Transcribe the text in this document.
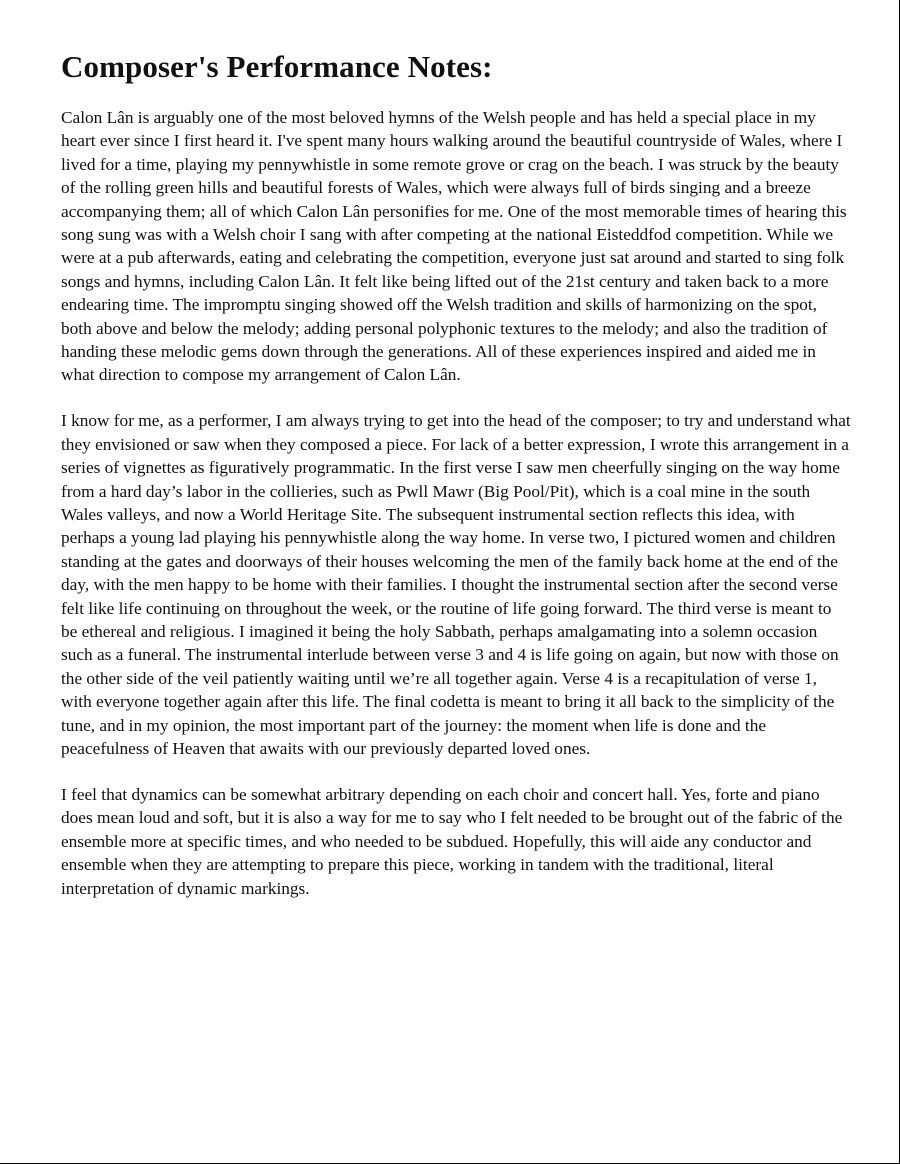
Composer's Performance Notes:

Calon Lân is arguably one of the most beloved hymns of the Welsh people and has held a special place in my heart ever since I first heard it. I've spent many hours walking around the beautiful countryside of Wales, where I lived for a time, playing my pennywhistle in some remote grove or crag on the beach. I was struck by the beauty of the rolling green hills and beautiful forests of Wales, which were always full of birds singing and a breeze accompanying them; all of which Calon Lân personifies for me. One of the most memorable times of hearing this song sung was with a Welsh choir I sang with after competing at the national Eisteddfod competition. While we were at a pub afterwards, eating and celebrating the competition, everyone just sat around and started to sing folk songs and hymns, including Calon Lân. It felt like being lifted out of the 21st century and taken back to a more endearing time. The impromptu singing showed off the Welsh tradition and skills of harmonizing on the spot, both above and below the melody; adding personal polyphonic textures to the melody; and also the tradition of handing these melodic gems down through the generations. All of these experiences inspired and aided me in what direction to compose my arrangement of Calon Lân.

I know for me, as a performer, I am always trying to get into the head of the composer; to try and understand what they envisioned or saw when they composed a piece. For lack of a better expression, I wrote this arrangement in a series of vignettes as figuratively programmatic. In the first verse I saw men cheerfully singing on the way home from a hard day’s labor in the collieries, such as Pwll Mawr (Big Pool/Pit), which is a coal mine in the south Wales valleys, and now a World Heritage Site. The subsequent instrumental section reflects this idea, with perhaps a young lad playing his pennywhistle along the way home. In verse two, I pictured women and children standing at the gates and doorways of their houses welcoming the men of the family back home at the end of the day, with the men happy to be home with their families. I thought the instrumental section after the second verse felt like life continuing on throughout the week, or the routine of life going forward. The third verse is meant to be ethereal and religious. I imagined it being the holy Sabbath, perhaps amalgamating into a solemn occasion such as a funeral. The instrumental interlude between verse 3 and 4 is life going on again, but now with those on the other side of the veil patiently waiting until we’re all together again. Verse 4 is a recapitulation of verse 1, with everyone together again after this life. The final codetta is meant to bring it all back to the simplicity of the tune, and in my opinion, the most important part of the journey: the moment when life is done and the peacefulness of Heaven that awaits with our previously departed loved ones.

I feel that dynamics can be somewhat arbitrary depending on each choir and concert hall. Yes, forte and piano does mean loud and soft, but it is also a way for me to say who I felt needed to be brought out of the fabric of the ensemble more at specific times, and who needed to be subdued. Hopefully, this will aide any conductor and ensemble when they are attempting to prepare this piece, working in tandem with the traditional, literal interpretation of dynamic markings.
